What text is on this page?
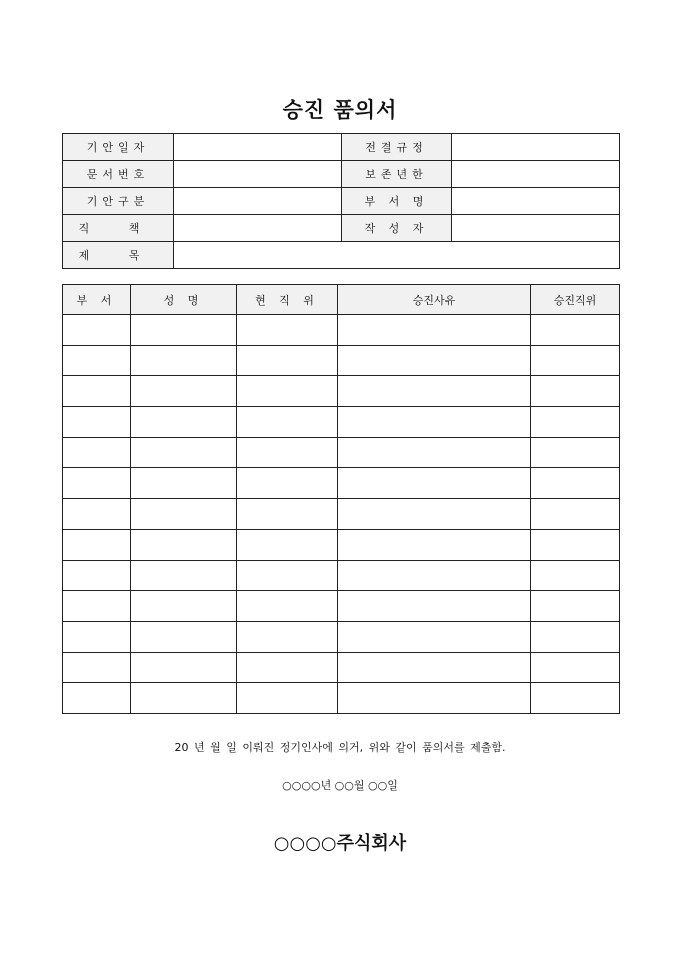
승진 품의서
기안일자		전결규정	
문서번호		보존년한	
기안구분		부 서 명	
직 책		작 성 자	
제 목			
부 서	성 명	현 직 위	승진사유	승진직위

20 년 월 일 이뤄진 정기인사에 의거, 위와 같이 품의서를 제출함.
○○○○년 ○○월 ○○일
○○○○주식회사
